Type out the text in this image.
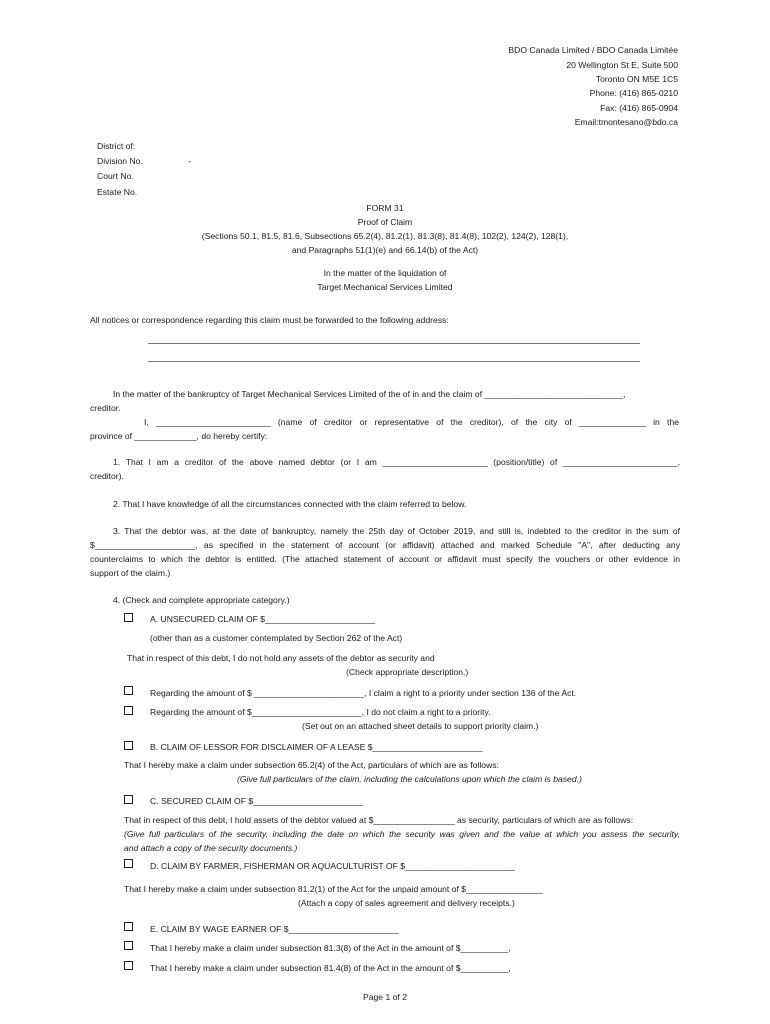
BDO Canada Limited / BDO Canada Limitée
20 Wellington St E, Suite 500
Toronto ON M5E 1C5
Phone: (416) 865-0210
Fax: (416) 865-0904
Email:tmontesano@bdo.ca
District of:
Division No.	-
Court No.
Estate No.
FORM 31
Proof of Claim
(Sections 50.1, 81.5, 81.6, Subsections 65.2(4), 81.2(1), 81.3(8), 81.4(8), 102(2), 124(2), 128(1),
and Paragraphs 51(1)(e) and 66.14(b) of the Act)
In the matter of the liquidation of
Target Mechanical Services Limited
All notices or correspondence regarding this claim must be forwarded to the following address:
In the matter of the bankruptcy of Target Mechanical Services Limited of the of in and the claim of _____________________________,
creditor.
I, ________________________ (name of creditor or representative of the creditor), of the city of ______________ in the
province of _____________, do hereby certify:
1. That I am a creditor of the above named debtor (or I am ______________________ (position/title) of ________________________,
creditor).
2. That I have knowledge of all the circumstances connected with the claim referred to below.
3. That the debtor was, at the date of bankruptcy, namely the 25th day of October 2019, and still is, indebted to the creditor in the sum of
$_____________________, as specified in the statement of account (or affidavit) attached and marked Schedule "A", after deducting any
counterclaims to which the debtor is entitled. (The attached statement of account or affidavit must specify the vouchers or other evidence in
support of the claim.)
4. (Check and complete appropriate category.)
A. UNSECURED CLAIM OF $_______________________
(other than as a customer contemplated by Section 262 of the Act)
That in respect of this debt, I do not hold any assets of the debtor as security and
(Check appropriate description.)
Regarding the amount of $ _______________________, I claim a right to a priority under section 136 of the Act.
Regarding the amount of $_______________________, I do not claim a right to a priority.
(Set out on an attached sheet details to support priority claim.)
B. CLAIM OF LESSOR FOR DISCLAIMER OF A LEASE $_______________________
That I hereby make a claim under subsection 65.2(4) of the Act, particulars of which are as follows:
(Give full particulars of the claim, including the calculations upon which the claim is based.)
C. SECURED CLAIM OF $_______________________
That in respect of this debt, I hold assets of the debtor valued at $_________________ as security, particulars of which are as follows:
(Give full particulars of the security, including the date on which the security was given and the value at which you assess the security,
and attach a copy of the security documents.)
D. CLAIM BY FARMER, FISHERMAN OR AQUACULTURIST OF $_______________________
That I hereby make a claim under subsection 81.2(1) of the Act for the unpaid amount of $________________
(Attach a copy of sales agreement and delivery receipts.)
E. CLAIM BY WAGE EARNER OF $_______________________
That I hereby make a claim under subsection 81.3(8) of the Act in the amount of $__________,
That I hereby make a claim under subsection 81.4(8) of the Act in the amount of $__________,
Page 1 of 2
